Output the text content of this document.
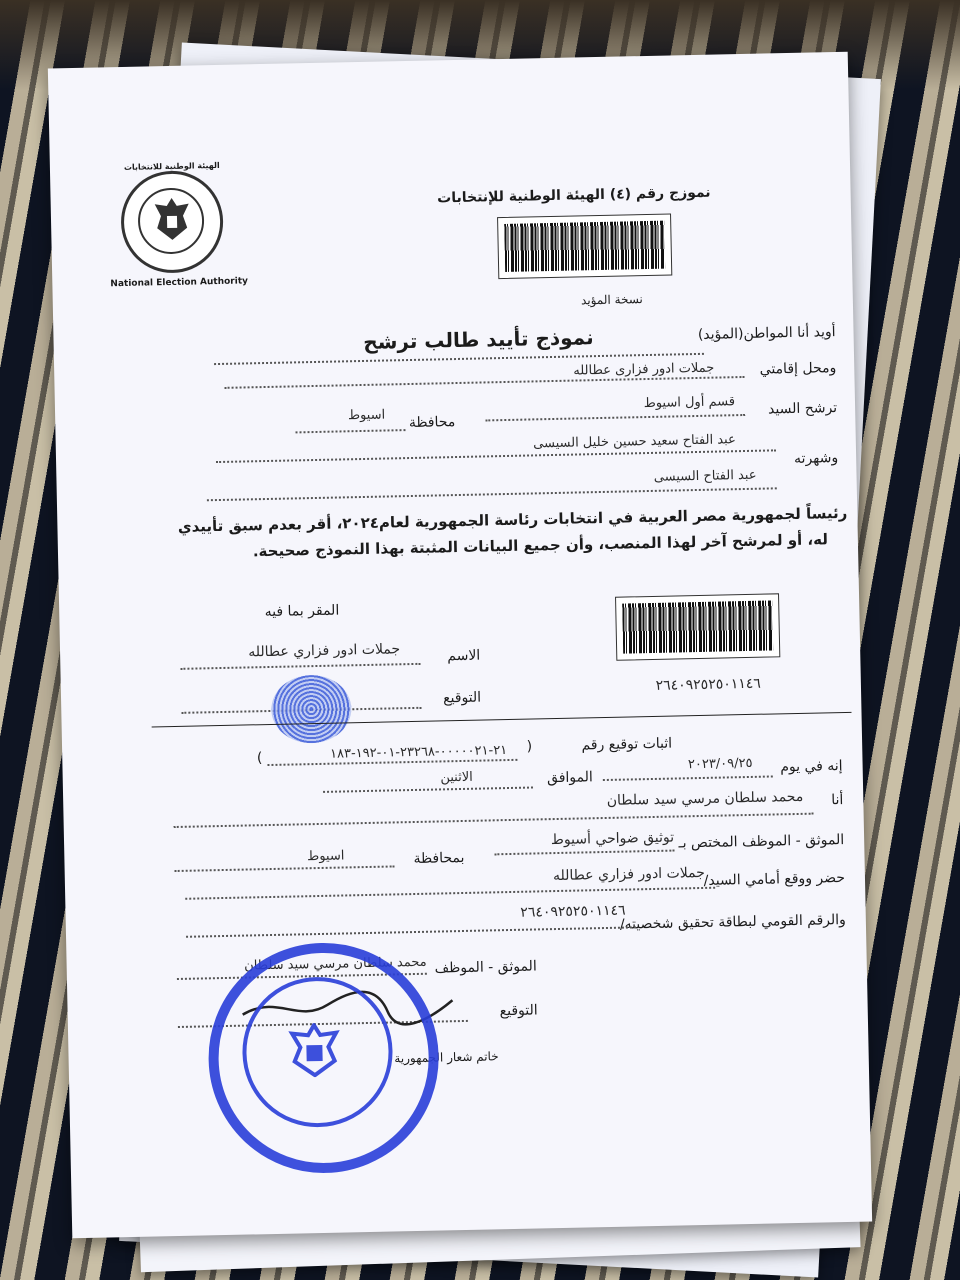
National Election Authority
الهيئة الوطنية للانتخابات
نموزج رقم (٤) الهيئة الوطنية للإنتخابات
نسخة المؤيد
نموذج تأييد طالب ترشح	أويد أنا المواطن(المؤيد)
ومحل إقامتي
جملات ادور فزارى عطالله
قسم أول اسيوط ترشح السيد
محافظة
اسيوط
عبد الفتاح سعيد حسين خليل السيسى
وشهرته
عبد الفتاح السيسى
رئيساً لجمهورية مصر العربية في انتخابات رئاسة الجمهورية لعام٢٠٢٤، أقر بعدم سبق تأييدي
له، أو لمرشح آخر لهذا المنصب، وأن جميع البيانات المثبتة بهذا النموذج صحيحة.
المقر بما فيه
الاسم
جملات ادور فزاري عطالله
التوقيع
٢٦٤٠٩٢٥٢٥٠١١٤٦
اثبات توقيع رقم
(
٢١-٠٠٠٠٠٢١-٢٣٢٦٨-٠١-١٩٢-١٨٣
)	إنه في يوم
٢٠٢٣/٠٩/٢٥
الموافق
الاثنين
أنا
محمد سلطان مرسي سيد سلطان
الموثق - الموظف المختص بـ
توثيق ضواحي أسيوط
بمحافظة
اسيوط
حضر ووقع أمامي السيد/
جملات ادور فزاري عطالله
والرقم القومي لبطاقة تحقيق شخصيته/
٢٦٤٠٩٢٥٢٥٠١١٤٦
الموثق - الموظف
محمد سلطان مرسي سيد سلطان
التوقيع
خاتم شعار الجمهورية
